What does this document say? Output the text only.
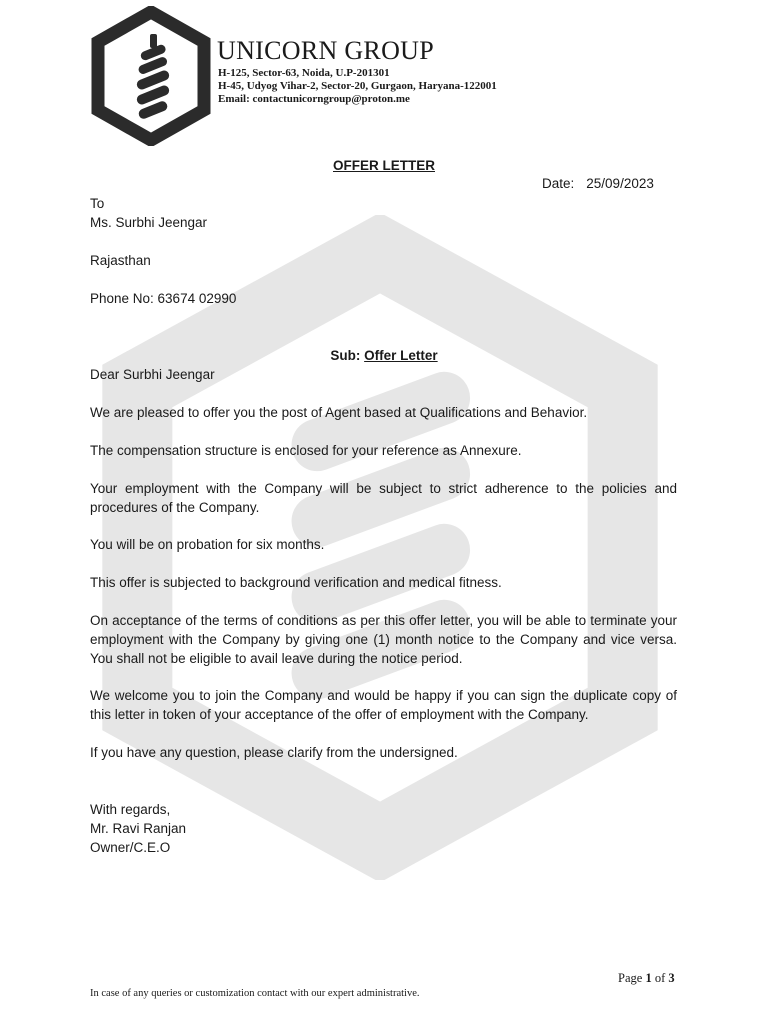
UNICORN GROUP
H-125, Sector-63, Noida, U.P-201301
H-45, Udyog Vihar-2, Sector-20, Gurgaon, Haryana-122001
Email: contactunicorngroup@proton.me
OFFER LETTER
Date: 25/09/2023
To
Ms. Surbhi Jeengar
Rajasthan
Phone No: 63674 02990
Sub: Offer Letter
Dear Surbhi Jeengar
We are pleased to offer you the post of Agent based at Qualifications and Behavior.
The compensation structure is enclosed for your reference as Annexure.
Your employment with the Company will be subject to strict adherence to the policies and procedures of the Company.
You will be on probation for six months.
This offer is subjected to background verification and medical fitness.
On acceptance of the terms of conditions as per this offer letter, you will be able to terminate your employment with the Company by giving one (1) month notice to the Company and vice versa. You shall not be eligible to avail leave during the notice period.
We welcome you to join the Company and would be happy if you can sign the duplicate copy of this letter in token of your acceptance of the offer of employment with the Company.
If you have any question, please clarify from the undersigned.
With regards,
Mr. Ravi Ranjan
Owner/C.E.O
Page 1 of 3
In case of any queries or customization contact with our expert administrative.
